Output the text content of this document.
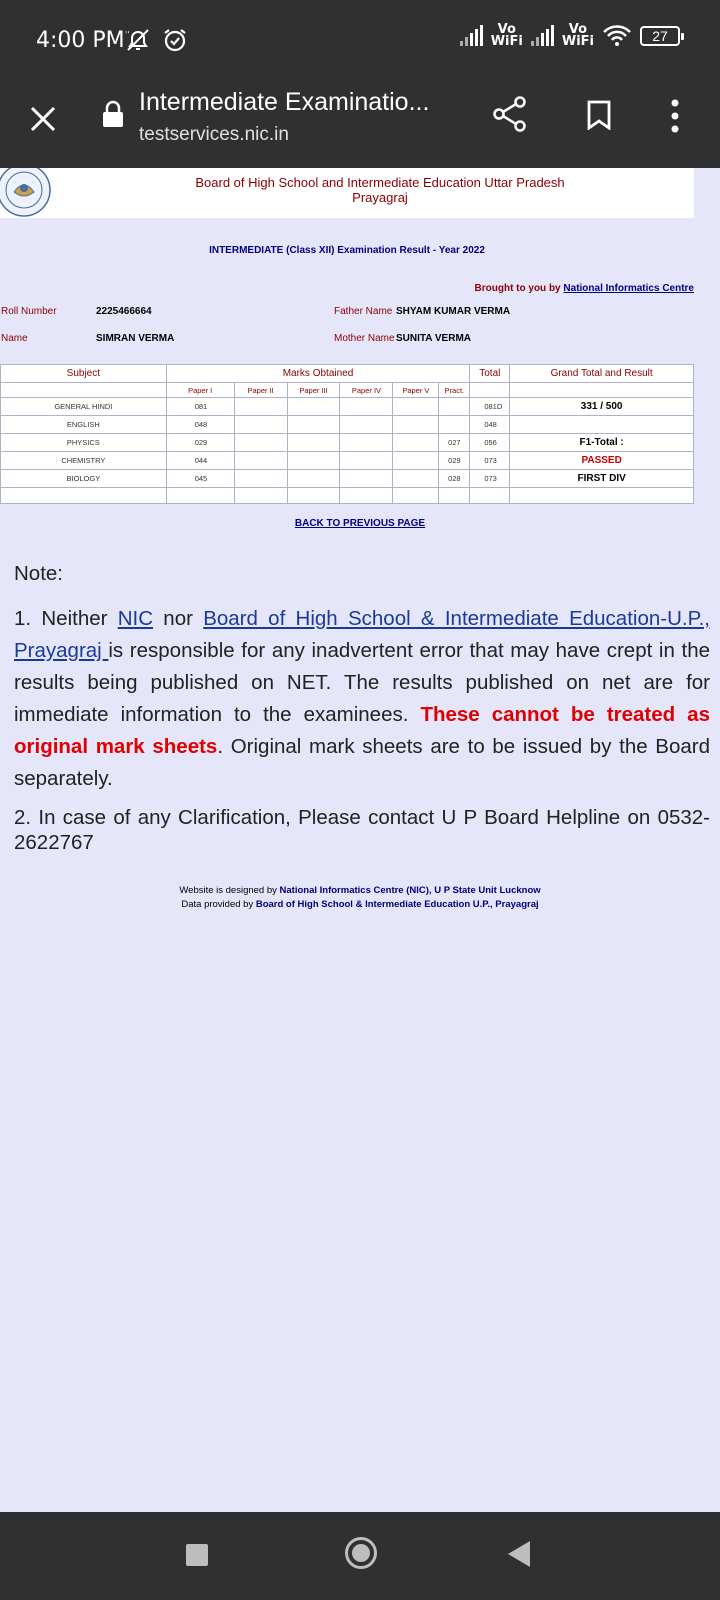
4:00 PM ''	Vo
WiFi
Vo
WiFi	27
Intermediate Examinatio...
testservices.nic.in
Board of High School and Intermediate Education Uttar Pradesh
Prayagraj
INTERMEDIATE (Class XII) Examination Result - Year 2022
Brought to you by National Informatics Centre
Roll Number	2225466664	Father Name SHYAM KUMAR VERMA
Name	SIMRAN VERMA	Mother Name SUNITA VERMA
Subject	Marks Obtained						Total	Grand Total and Result
	Paper I	Paper II	Paper III	Paper IV	Paper V	Pract.		
GENERAL HINDI	081						081D	331 / 500
ENGLISH	048						048	
PHYSICS	029					027	056	F1-Total :
CHEMISTRY	044					029	073	PASSED
BIOLOGY	045					028	073	FIRST DIV

BACK TO PREVIOUS PAGE
Note:
1. Neither NIC nor Board of High School & Intermediate Education-U.P., Prayagraj is responsible for any inadvertent error that may have crept in the results being published on NET. The results published on net are for immediate information to the examinees. These cannot be treated as original mark sheets. Original mark sheets are to be issued by the Board separately.
2. In case of any Clarification, Please contact U P Board Helpline on 0532-2622767
Website is designed by National Informatics Centre (NIC), U P State Unit Lucknow
Data provided by Board of High School & Intermediate Education U.P., Prayagraj
